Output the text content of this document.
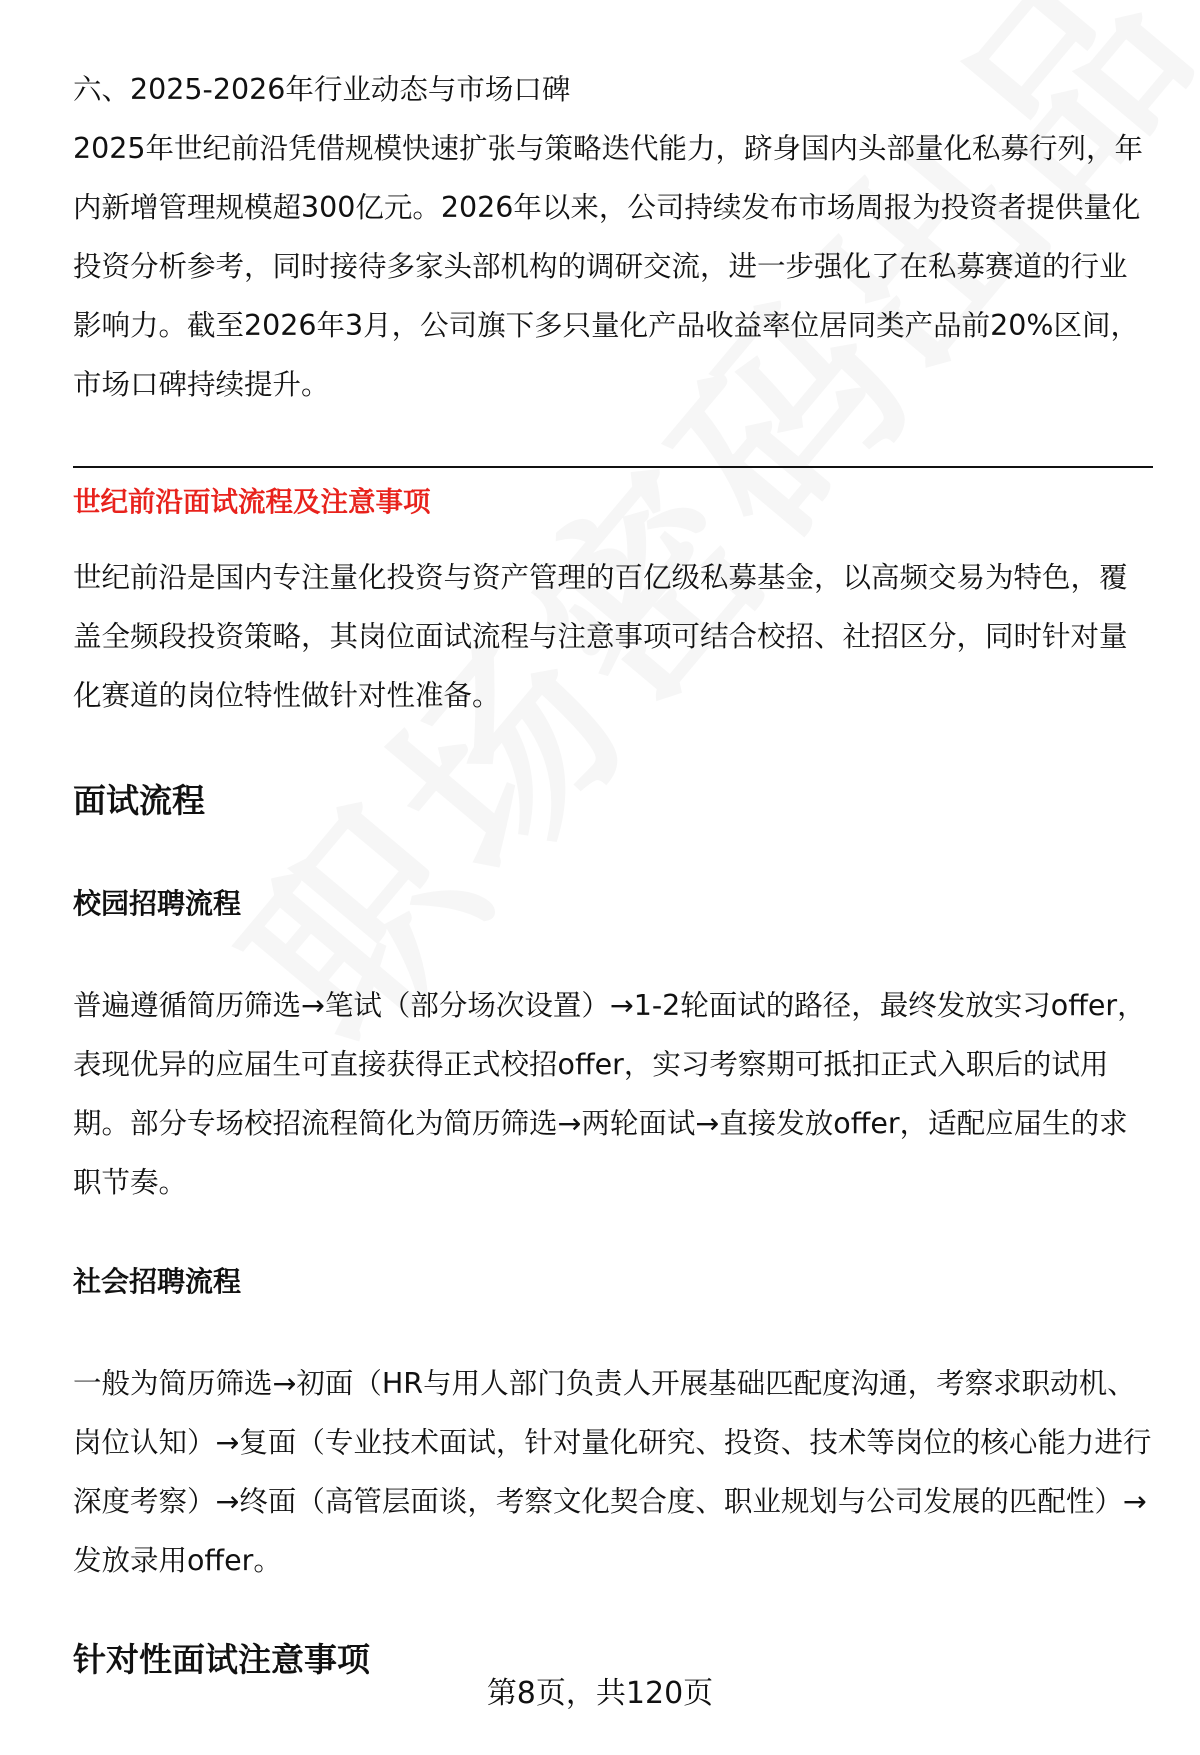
六、2025-2026年行业动态与市场口碑

2025年世纪前沿凭借规模快速扩张与策略迭代能力，跻身国内头部量化私募行列，年内新增管理规模超300亿元。2026年以来，公司持续发布市场周报为投资者提供量化投资分析参考，同时接待多家头部机构的调研交流，进一步强化了在私募赛道的行业影响力。截至2026年3月，公司旗下多只量化产品收益率位居同类产品前20%区间，市场口碑持续提升。

世纪前沿面试流程及注意事项

世纪前沿是国内专注量化投资与资产管理的百亿级私募基金，以高频交易为特色，覆盖全频段投资策略，其岗位面试流程与注意事项可结合校招、社招区分，同时针对量化赛道的岗位特性做针对性准备。

面试流程
校园招聘流程

普遍遵循简历筛选→笔试（部分场次设置）→1-2轮面试的路径，最终发放实习offer，表现优异的应届生可直接获得正式校招offer，实习考察期可抵扣正式入职后的试用期。部分专场校招流程简化为简历筛选→两轮面试→直接发放offer，适配应届生的求职节奏。

社会招聘流程

一般为简历筛选→初面（HR与用人部门负责人开展基础匹配度沟通，考察求职动机、岗位认知）→复面（专业技术面试，针对量化研究、投资、技术等岗位的核心能力进行深度考察）→终面（高管层面谈，考察文化契合度、职业规划与公司发展的匹配性）→发放录用offer。

针对性面试注意事项
第8页，共120页
